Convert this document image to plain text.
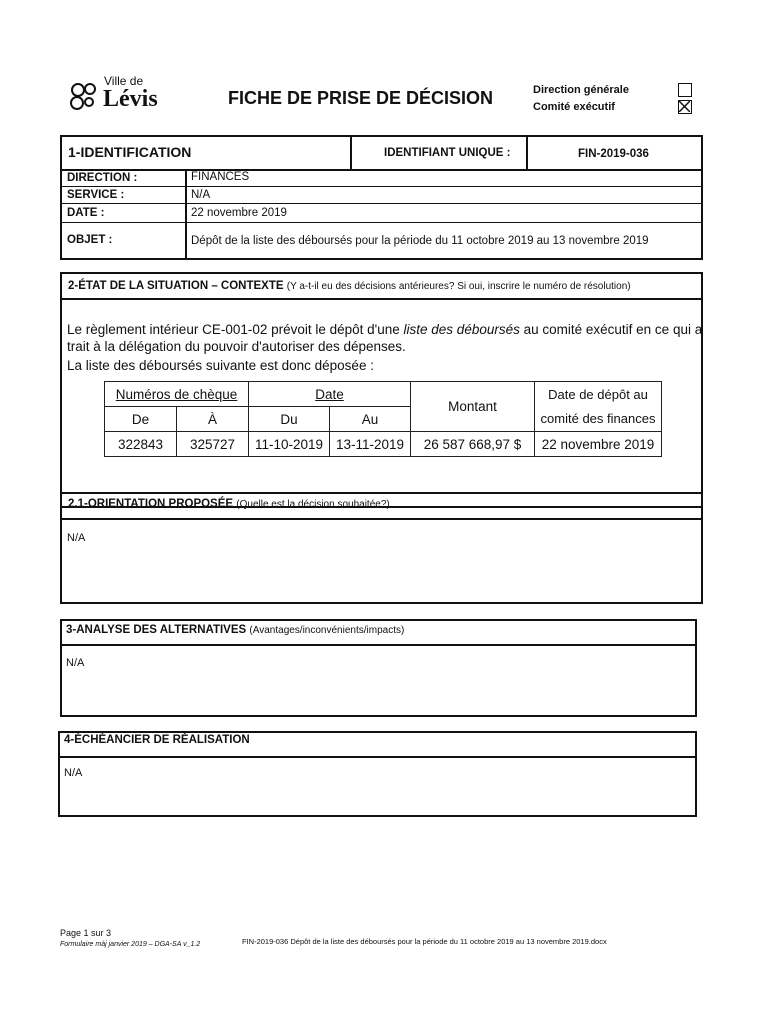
Ville de
Lévis	FICHE DE PRISE DE DÉCISION	Direction générale
Comité exécutif
1-IDENTIFICATION	IDENTIFIANT UNIQUE :	FIN-2019-036
DIRECTION :	FINANCES
SERVICE :	N/A
DATE :	22 novembre 2019
OBJET :	Dépôt de la liste des déboursés pour la période du 11 octobre 2019 au 13 novembre 2019
2-ÉTAT DE LA SITUATION – CONTEXTE (Y a-t-il eu des décisions antérieures? Si oui, inscrire le numéro de résolution)
Le règlement intérieur CE-001-02 prévoit le dépôt d'une liste des déboursés au comité exécutif en ce qui a
trait à la délégation du pouvoir d'autoriser des dépenses.
La liste des déboursés suivante est donc déposée :
Numéros de chèque		Date		Montant	Date de dépôt au
comité des finances
De	À	Du	Au		
322843	325727	11-10-2019	13-11-2019	26 587 668,97 $	22 novembre 2019
2.1-ORIENTATION PROPOSÉE (Quelle est la décision souhaitée?)
N/A
3-ANALYSE DES ALTERNATIVES (Avantages/inconvénients/impacts)
N/A
4-ÉCHÉANCIER DE RÉALISATION
N/A
Page 1 sur 3
Formulaire màj janvier 2019 – DGA-SA v_1.2	FIN-2019-036 Dépôt de la liste des déboursés pour la période du 11 octobre 2019 au 13 novembre 2019.docx
